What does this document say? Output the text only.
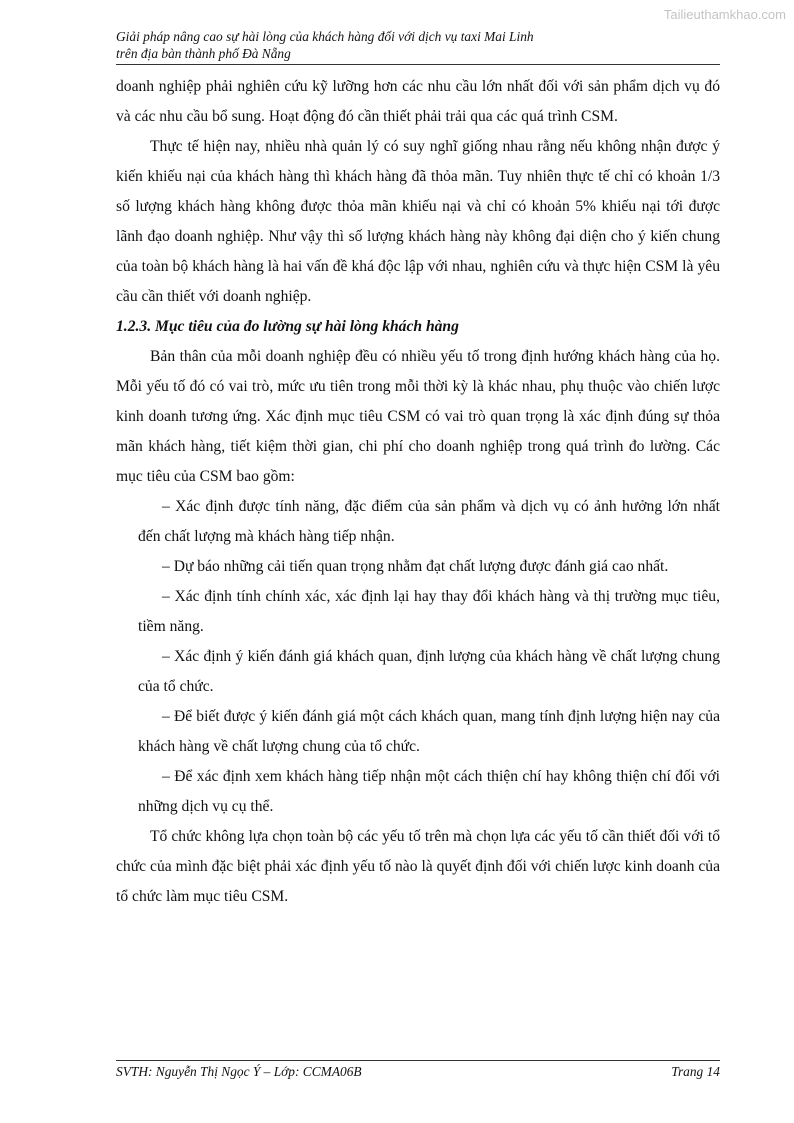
Tailieuthamkhao.com
Giải pháp nâng cao sự hài lòng của khách hàng đối với dịch vụ taxi Mai Linh
trên địa bàn thành phố Đà Nẵng

doanh nghiệp phải nghiên cứu kỹ lưỡng hơn các nhu cầu lớn nhất đối với sản phẩm dịch vụ đó và các nhu cầu bổ sung. Hoạt động đó cần thiết phải trải qua các quá trình CSM.

Thực tế hiện nay, nhiều nhà quản lý có suy nghĩ giống nhau rằng nếu không nhận được ý kiến khiếu nại của khách hàng thì khách hàng đã thỏa mãn. Tuy nhiên thực tế chỉ có khoản 1/3 số lượng khách hàng không được thỏa mãn khiếu nại và chỉ có khoản 5% khiếu nại tới được lãnh đạo doanh nghiệp. Như vậy thì số lượng khách hàng này không đại diện cho ý kiến chung của toàn bộ khách hàng là hai vấn đề khá độc lập với nhau, nghiên cứu và thực hiện CSM là yêu cầu cần thiết với doanh nghiệp.

1.2.3. Mục tiêu của đo lường sự hài lòng khách hàng

Bản thân của mỗi doanh nghiệp đều có nhiều yếu tố trong định hướng khách hàng của họ. Mỗi yếu tố đó có vai trò, mức ưu tiên trong mỗi thời kỳ là khác nhau, phụ thuộc vào chiến lược kinh doanh tương ứng. Xác định mục tiêu CSM có vai trò quan trọng là xác định đúng sự thỏa mãn khách hàng, tiết kiệm thời gian, chi phí cho doanh nghiệp trong quá trình đo lường. Các mục tiêu của CSM bao gồm:

– Xác định được tính năng, đặc điểm của sản phẩm và dịch vụ có ảnh hưởng lớn nhất đến chất lượng mà khách hàng tiếp nhận.

– Dự báo những cải tiến quan trọng nhằm đạt chất lượng được đánh giá cao nhất.

– Xác định tính chính xác, xác định lại hay thay đổi khách hàng và thị trường mục tiêu, tiềm năng.

– Xác định ý kiến đánh giá khách quan, định lượng của khách hàng về chất lượng chung của tổ chức.

– Để biết được ý kiến đánh giá một cách khách quan, mang tính định lượng hiện nay của khách hàng về chất lượng chung của tổ chức.

– Để xác định xem khách hàng tiếp nhận một cách thiện chí hay không thiện chí đối với những dịch vụ cụ thể.

Tổ chức không lựa chọn toàn bộ các yếu tố trên mà chọn lựa các yếu tố cần thiết đối với tổ chức của mình đặc biệt phải xác định yếu tố nào là quyết định đối với chiến lược kinh doanh của tổ chức làm mục tiêu CSM.

SVTH: Nguyễn Thị Ngọc Ý – Lớp: CCMA06B	Trang 14
